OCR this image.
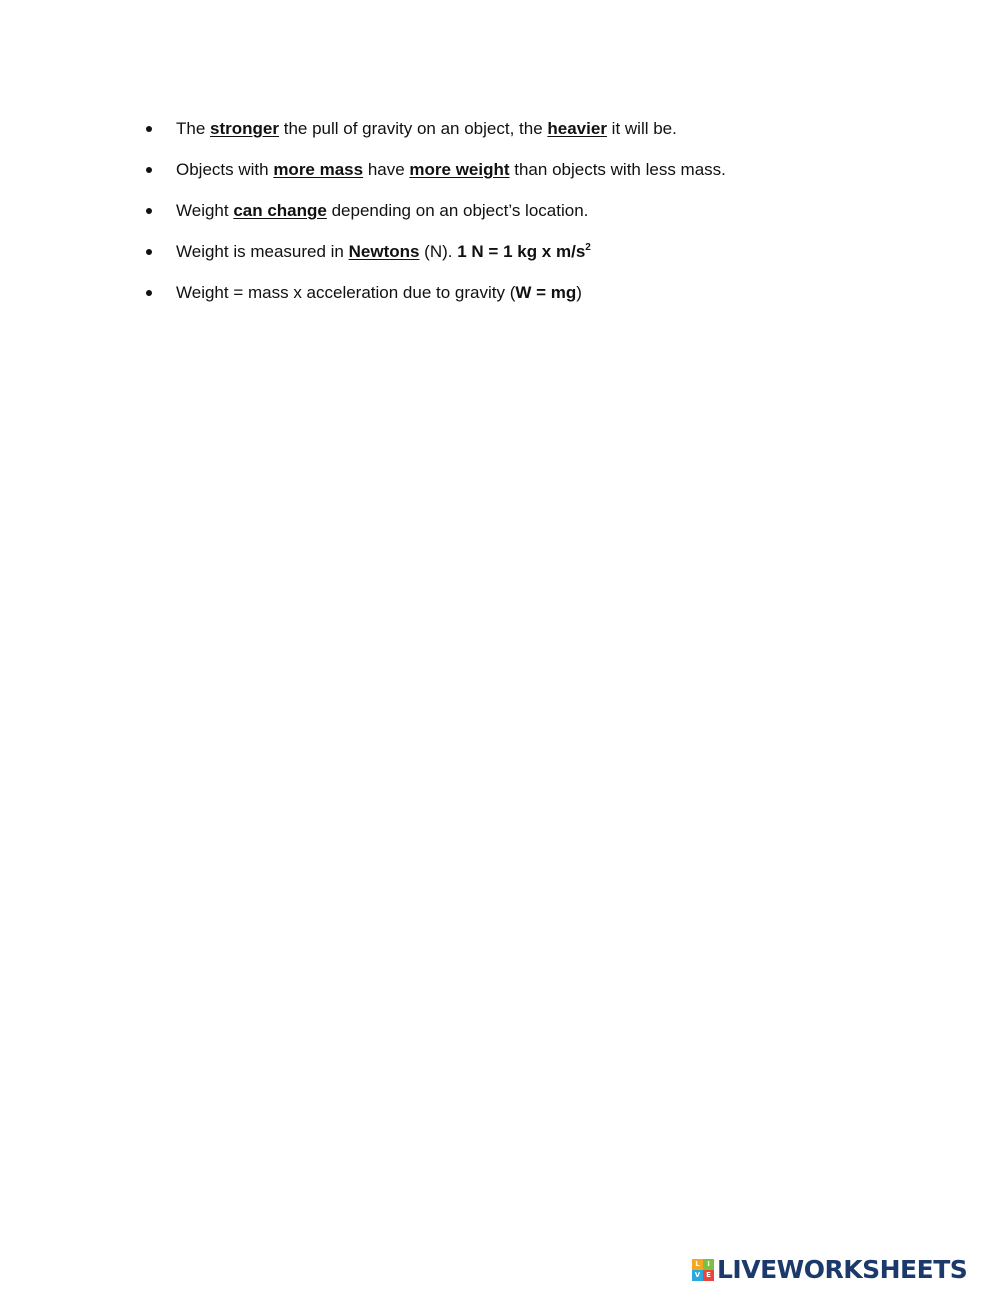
The stronger the pull of gravity on an object, the heavier it will be.
Objects with more mass have more weight than objects with less mass.
Weight can change depending on an object’s location.
Weight is measured in Newtons (N). 1 N = 1 kg x $m/s^2$
Weight = mass x acceleration due to gravity (W = mg)
L	I
V E LIVEWORKSHEETS
